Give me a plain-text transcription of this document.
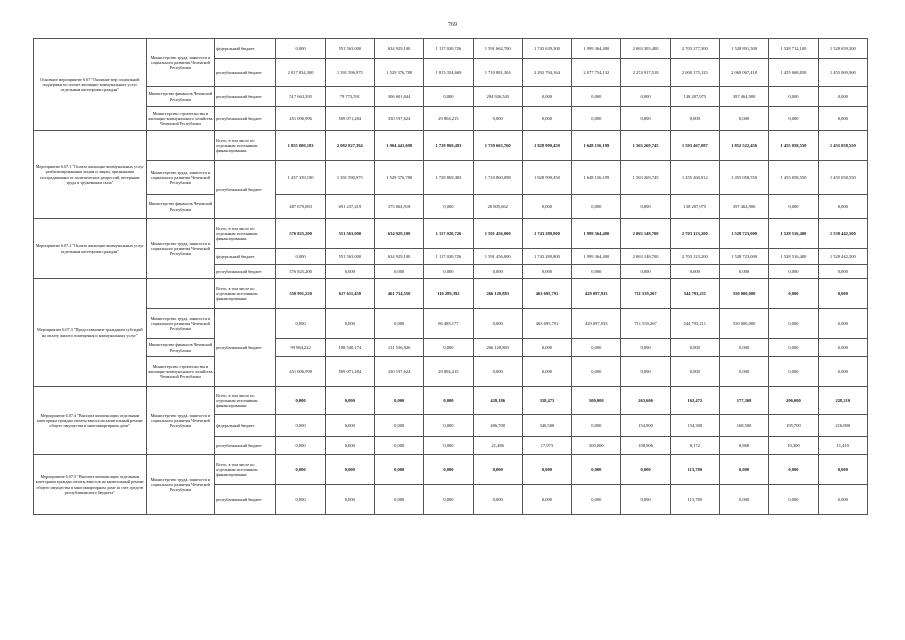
769
Основное мероприятие 6.07 "Оказание мер социальной поддержки по оплате жилищно-коммунальных услуг отдельным категориям граждан"	Министерство труда, занятости и социального развития Чеченской Республики	федеральный бюджет	0,000	551 563,000	634 929,100	1 117 020,726	1 591 662,700	1 743 639,300	1 999 364,400	2 063 303,400	2 703 277,500	1 528 891,500	1 528 712,100	1 528 659,300
		республиканский бюджет	2 017 834,300	1 391 596,975	1 529 376,780	1 815 354,669	1 710 881,304	2 292 794,164	2 077 754,132	2 274 917,518	2 000 175,125	2 069 067,418	1 455 068,850	1 455 069,960
	Министерство финансов Чеченской Республики	республиканский бюджет	517 663,395	79 773,591	306 601,844	0,000	294 926,545	0,000	0,000	0,000	138 207,975	397 464,900	0,000	0,000
	Министерство строительства и жилищно-коммунального хозяйства Чеченской Республики	республиканский бюджет	451 096,996	509 071,284	330 197,624	29 804,215	0,000	0,000	0,000	0,000	0,000	0,000	0,000	0,000
Мероприятие 6.07.1 "Оплата жилищно-коммунальных услуг реабилитированным лицам и лицам, признанным пострадавшими от политических репрессий, ветеранам труда и труженикам тыла"		Всего, в том числе по отдельным источникам финансирования:	1 855 000,183	2 082 827,394	1 904 441,698	1 728 869,483	1 739 665,760	1 828 990,450	1 648 156,199	1 563 269,745	1 593 467,087	1 852 522,456	1 455 058,550	1 455 058,550
	Министерство труда, занятости и социального развития Чеченской Республики	республиканский бюджет	1 437 339,100	1 391 590,975	1 529 376,780	1 728 869,483	1 710 860,098	1 828 990,450	1 648 156,199	1 563 269,745	1 455 260,912	1 455 058,550	1 455 058,550	1 455 058,550
	Министерство финансов Чеченской Республики		487 679,083	691 237,419	375 064,918	0,000	28 805,662	0,000	0,000	0,000	138 207,975	397 464,900	0,000	0,000
Мероприятие 6.07.2 "Оплата жилищно-коммунальных услуг отдельным категориям граждан"	Министерство труда, занятости и социального развития Чеченской Республики	Всего, в том числе по отдельным источникам финансирования:	576 825,200	551 563,000	634 929,100	1 117 020,726	1 591 456,000	1 743 289,800	1 999 364,400	2 063 148,700	2 703 123,200	1 528 723,000	1 528 516,400	1 538 442,500
		федеральный бюджет	0,000	551 563,000	634 929,100	1 117 020,726	1 591 456,000	1 743 289,800	1 999 364,400	2 063 148,700	2 703 123,200	1 528 723,000	1 528 516,400	1 528 442,500
		республиканский бюджет	576 825,200	0,000	0,000	0,000	0,000	0,000	0,000	0,000	0,000	0,000	0,000	0,000
Мероприятие 6.07.3 "Предоставление гражданам субсидий на оплату жилого помещения и коммунальных услуг"		Всего, в том числе по отдельным источникам финансирования:	550 991,220	617 611,458	461 734,550	116 289,392	266 120,883	463 695,791	429 097,933	711 539,267	544 793,211	550 000,000	0,000	0,000
	Министерство труда, занятости и социального развития Чеченской Республики	республиканский бюджет	0,000	0,000	0,000	86 485,177	0,000	463 695,791	429 097,933	711 539,267	544 793,211	550 000,000	0,000	0,000
	Министерство финансов Чеченской Республики		99 984,222	108 540,174	131 536,926	0,000	266 120,883	0,000	0,000	0,000	0,000	0,000	0,000	0,000
	Министерство строительства и жилищно-коммунального хозяйства Чеченской Республики		451 006,998	509 071,284	330 197,624	29 804,215	0,000	0,000	0,000	0,000	0,000	0,000	0,000	0,000
Мероприятие 6.07.4 "Выплата компенсации отдельным категориям граждан оплаты взноса на капитальный ремонт общего имущества в многоквартирном доме"	Министерство труда, занятости и социального развития Чеченской Республики	Всего, в том числе по отдельным источникам финансирования:	0,000	0,000	0,000	0,000	428,186	358,473	500,000	263,606	162,472	177,368	206,000	228,210
		федеральный бюджет	0,000	0,000	0,000	0,000	406,700	340,500	0,000	154,900	154,300	168,500	195,700	216,800
		республиканский бюджет	0,000	0,000	0,000	0,000	21,486	17,973	500,000	108,906	8,172	8,868	10,300	11,410
Мероприятие 6.07.5 "Выплата компенсации отдельным категориям граждан оплаты взносов на капитальный ремонт общего имущества в многоквартирном доме за счет средств республиканского бюджета"	Министерство труда, занятости и социального развития Чеченской Республики	Всего, в том числе по отдельным источникам финансирования:	0,000	0,000	0,000	0,000	0,000	0,000	0,000	0,000	113,780	0,000	0,000	0,000
		республиканский бюджет	0,000	0,000	0,000	0,000	0,000	0,000	0,000	0,000	113,780	0,000	0,000	0,000
